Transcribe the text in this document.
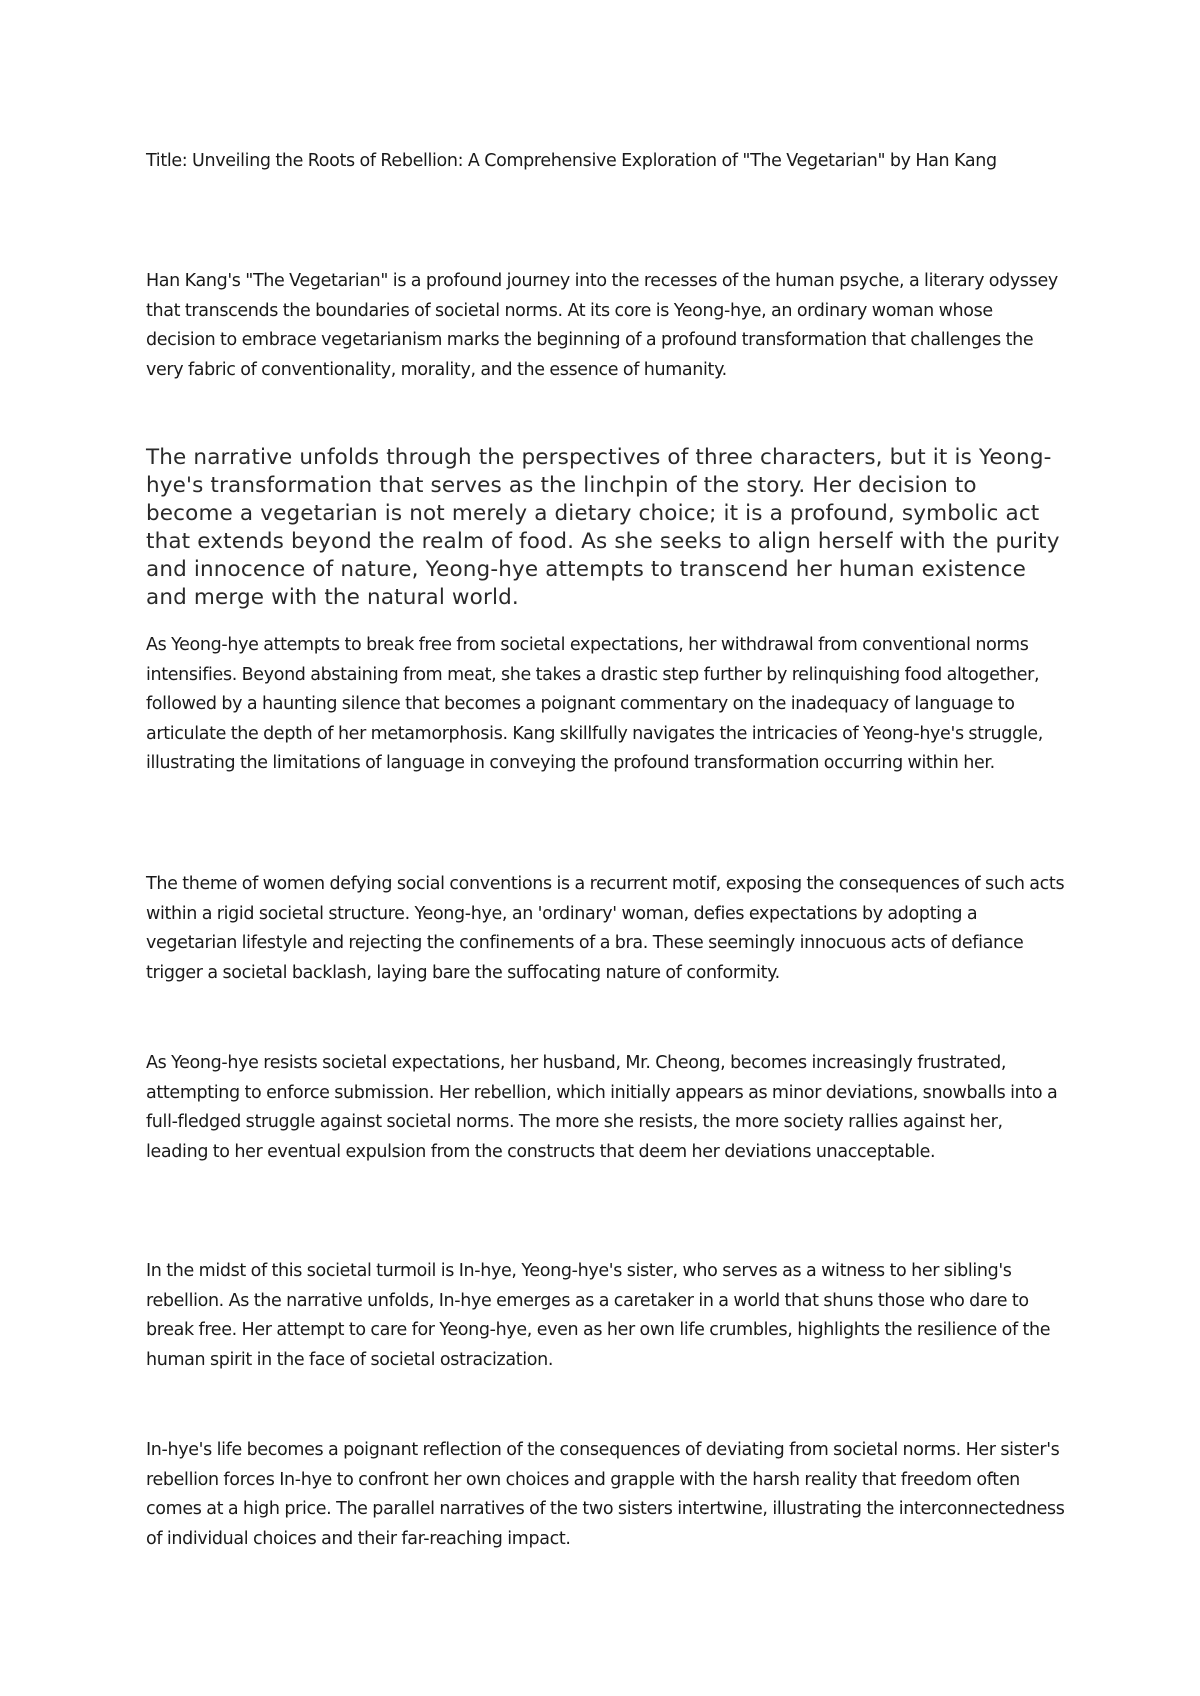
Title: Unveiling the Roots of Rebellion: A Comprehensive Exploration of "The Vegetarian" by Han Kang

Han Kang's "The Vegetarian" is a profound journey into the recesses of the human psyche, a literary odyssey that transcends the boundaries of societal norms. At its core is Yeong-hye, an ordinary woman whose decision to embrace vegetarianism marks the beginning of a profound transformation that challenges the very fabric of conventionality, morality, and the essence of humanity.

The narrative unfolds through the perspectives of three characters, but it is Yeong-hye's transformation that serves as the linchpin of the story. Her decision to become a vegetarian is not merely a dietary choice; it is a profound, symbolic act that extends beyond the realm of food. As she seeks to align herself with the purity and innocence of nature, Yeong-hye attempts to transcend her human existence and merge with the natural world.

As Yeong-hye attempts to break free from societal expectations, her withdrawal from conventional norms intensifies. Beyond abstaining from meat, she takes a drastic step further by relinquishing food altogether, followed by a haunting silence that becomes a poignant commentary on the inadequacy of language to articulate the depth of her metamorphosis. Kang skillfully navigates the intricacies of Yeong-hye's struggle, illustrating the limitations of language in conveying the profound transformation occurring within her.

The theme of women defying social conventions is a recurrent motif, exposing the consequences of such acts within a rigid societal structure. Yeong-hye, an 'ordinary' woman, defies expectations by adopting a vegetarian lifestyle and rejecting the confinements of a bra. These seemingly innocuous acts of defiance trigger a societal backlash, laying bare the suffocating nature of conformity.

As Yeong-hye resists societal expectations, her husband, Mr. Cheong, becomes increasingly frustrated, attempting to enforce submission. Her rebellion, which initially appears as minor deviations, snowballs into a full-fledged struggle against societal norms. The more she resists, the more society rallies against her, leading to her eventual expulsion from the constructs that deem her deviations unacceptable.

In the midst of this societal turmoil is In-hye, Yeong-hye's sister, who serves as a witness to her sibling's rebellion. As the narrative unfolds, In-hye emerges as a caretaker in a world that shuns those who dare to break free. Her attempt to care for Yeong-hye, even as her own life crumbles, highlights the resilience of the human spirit in the face of societal ostracization.

In-hye's life becomes a poignant reflection of the consequences of deviating from societal norms. Her sister's rebellion forces In-hye to confront her own choices and grapple with the harsh reality that freedom often comes at a high price. The parallel narratives of the two sisters intertwine, illustrating the interconnectedness of individual choices and their far-reaching impact.
